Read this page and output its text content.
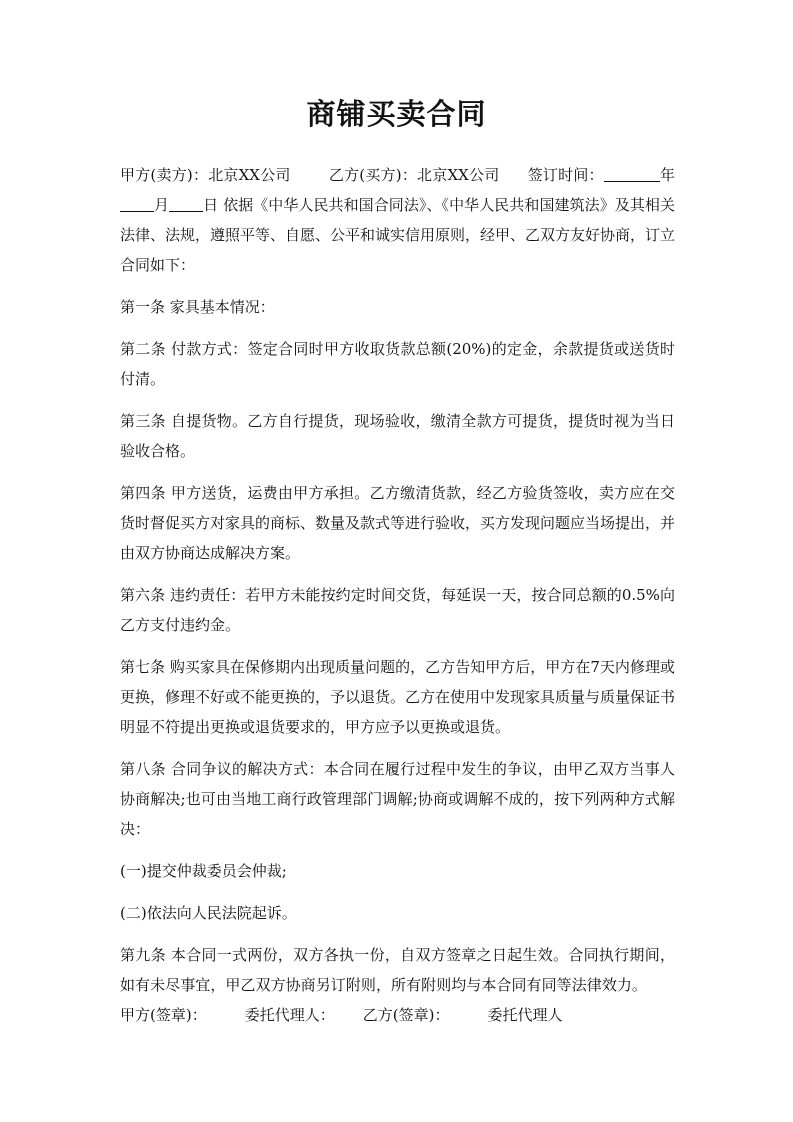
商铺买卖合同

甲方(卖方)：北京XX公司	乙方(买方)：北京XX公司 签订时间：	年月 日 依据《中华人民共和国合同法》、《中华人民共和国建筑法》及其相关法律、法规，遵照平等、自愿、公平和诚实信用原则，经甲、乙双方友好协商，订立合同如下：

第一条 家具基本情况：

第二条 付款方式：签定合同时甲方收取货款总额(20%)的定金，余款提货或送货时付清。

第三条 自提货物。乙方自行提货，现场验收，缴清全款方可提货，提货时视为当日验收合格。

第四条 甲方送货，运费由甲方承担。乙方缴清货款，经乙方验货签收，卖方应在交货时督促买方对家具的商标、数量及款式等进行验收，买方发现问题应当场提出，并由双方协商达成解决方案。

第六条 违约责任：若甲方未能按约定时间交货，每延误一天，按合同总额的0.5%向乙方支付违约金。

第七条 购买家具在保修期内出现质量问题的，乙方告知甲方后，甲方在7天内修理或更换，修理不好或不能更换的，予以退货。乙方在使用中发现家具质量与质量保证书明显不符提出更换或退货要求的，甲方应予以更换或退货。

第八条 合同争议的解决方式：本合同在履行过程中发生的争议，由甲乙双方当事人协商解决;也可由当地工商行政管理部门调解;协商或调解不成的，按下列两种方式解决：

(一)提交仲裁委员会仲裁;

(二)依法向人民法院起诉。

第九条 本合同一式两份，双方各执一份，自双方签章之日起生效。合同执行期间，如有未尽事宜，甲乙双方协商另订附则，所有附则均与本合同有同等法律效力。甲方(签章)：	委托代理人： 乙方(签章)：	委托代理人
